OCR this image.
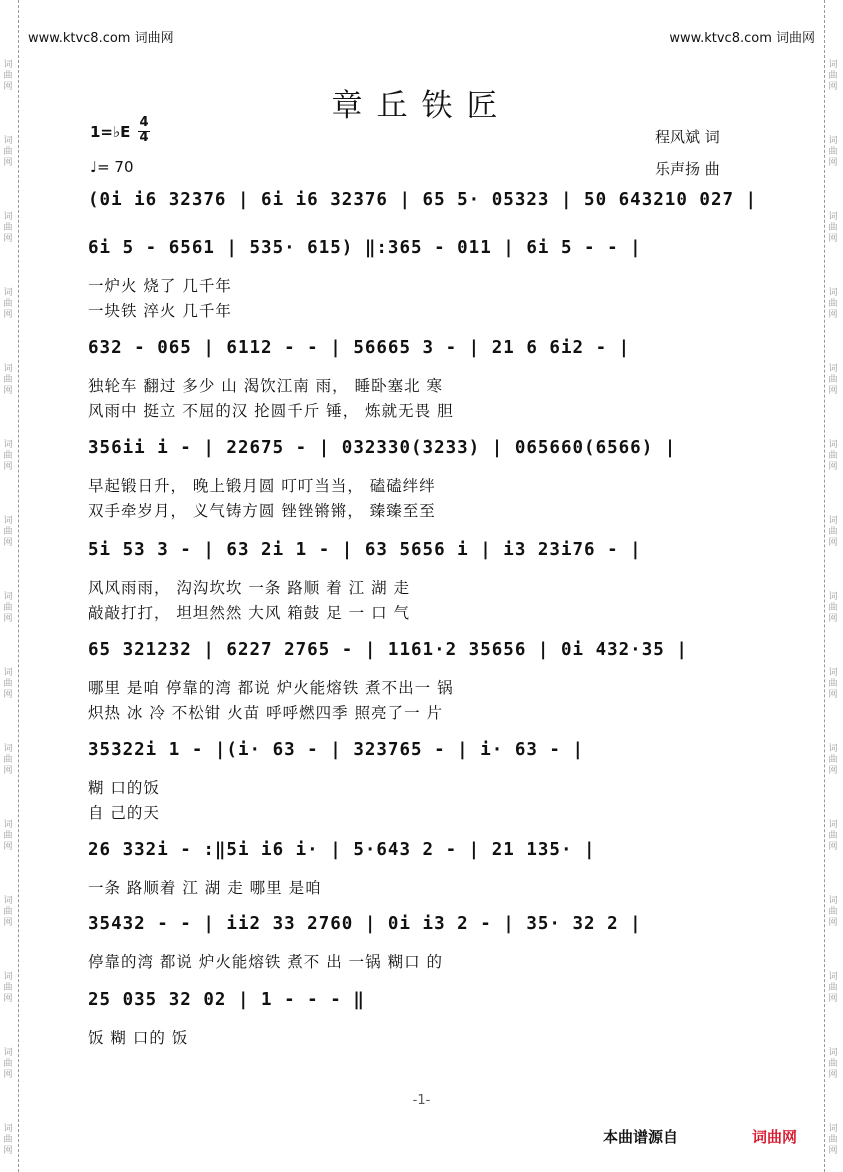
词曲网
词曲网
词曲网
词曲网
词曲网
词曲网
词曲网
词曲网
词曲网
词曲网
词曲网
词曲网
词曲网
词曲网
词曲网
词曲网
词曲网
词曲网
词曲网
词曲网
词曲网
词曲网
词曲网
词曲网
词曲网
词曲网
词曲网
词曲网
词曲网
词曲网
www.ktvc8.com 词曲网	www.ktvc8.com 词曲网
章丘铁匠
1=♭E
4
4
♩= 70
程风斌 词
乐声扬 曲
(0i i6 32376 | 6i i6 32376 | 65 5· 05323 | 50 643210 027 |
6i 5 - 6561 | 535· 615) ‖:365 - 011 | 6i 5 - - |
一炉火 烧了 几千年
一块铁 淬火 几千年
632 - 065 | 6112 - - | 56665 3 - | 21 6 6i2 - |
独轮车 翻过 多少 山 渴饮江南 雨， 睡卧塞北 寒
风雨中 挺立 不屈的汉 抡圆千斤 锤， 炼就无畏 胆
356ii i - | 22675 - | 032330(3233) | 065660(6566) |
早起锻日升， 晚上锻月圆 叮叮当当， 磕磕绊绊
双手牵岁月， 义气铸方圆 锉锉锵锵， 臻臻至至
5i 53 3 - | 63 2i 1 - | 63 5656 i | i3 23i76 - |
风风雨雨， 沟沟坎坎 一条 路顺 着 江 湖 走
敲敲打打， 坦坦然然 大风 箱鼓 足 一 口 气
65 321232 | 6227 2765 - | 1161·2 35656 | 0i 432·35 |
哪里 是咱 停靠的湾 都说 炉火能熔铁 煮不出一 锅
炽热 冰 冷 不松钳 火苗 呼呼燃四季 照亮了一 片
35322i 1 - |(i· 63 - | 323765 - | i· 63 - |
糊 口的饭
自 己的天
26 332i - :‖5i i6 i· | 5·643 2 - | 21 135· |
一条 路顺着 江 湖 走 哪里 是咱
35432 - - | ii2 33 2760 | 0i i3 2 - | 35· 32 2 |
停靠的湾 都说 炉火能熔铁 煮不 出 一锅 糊口 的
25 035 32 02 | 1 - - - ‖
饭 糊 口的 饭
-1-
本曲谱源自	词曲网
